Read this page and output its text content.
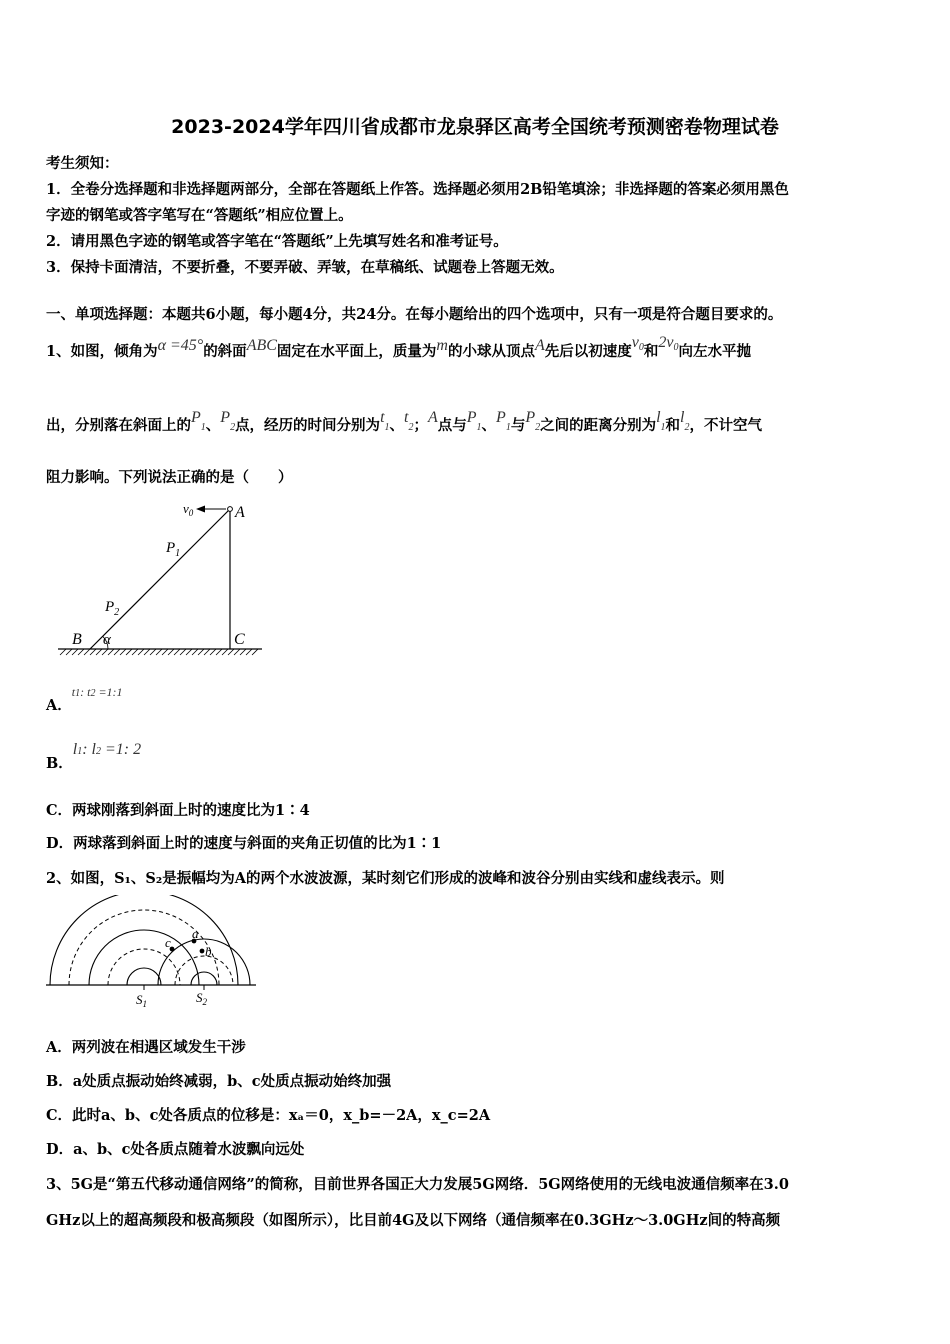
2023-2024学年四川省成都市龙泉驿区高考全国统考预测密卷物理试卷
考生须知：
1．全卷分选择题和非选择题两部分，全部在答题纸上作答。选择题必须用2B铅笔填涂；非选择题的答案必须用黑色
字迹的钢笔或答字笔写在“答题纸”相应位置上。
2．请用黑色字迹的钢笔或答字笔在“答题纸”上先填写姓名和准考证号。
3．保持卡面清洁，不要折叠，不要弄破、弄皱，在草稿纸、试题卷上答题无效。
一、单项选择题：本题共6小题，每小题4分，共24分。在每小题给出的四个选项中，只有一项是符合题目要求的。
1、如图，倾角为α =45°的斜面ABC固定在水平面上，质量为m的小球从顶点A先后以初速度$v^0$和$2v^0$向左水平抛
出，分别落在斜面上的P1、P2点，经历的时间分别为t1、t2；A点与P1、P1与P2之间的距离分别为l1和l2，不计空气
阻力影响。下列说法正确的是（　　）
$v_0$	A
$P_1$
$P_2$
B α	C
A．t1: t2 =1:1
B．l1: l2 =1: 2
C．两球刚落到斜面上时的速度比为1∶4
D．两球落到斜面上时的速度与斜面的夹角正切值的比为1∶1
2、如图，S₁、S₂是振幅均为A的两个水波波源，某时刻它们形成的波峰和波谷分别由实线和虚线表示。则
c
a
b
$S_1$	$S_2$
A．两列波在相遇区域发生干涉
B．a处质点振动始终减弱，b、c处质点振动始终加强
C．此时a、b、c处各质点的位移是：xₐ＝0，x_b=－2A，x_c=2A
D．a、b、c处各质点随着水波飘向远处
3、5G是“第五代移动通信网络”的简称，目前世界各国正大力发展5G网络．5G网络使用的无线电波通信频率在3.0
GHz以上的超高频段和极高频段（如图所示），比目前4G及以下网络（通信频率在0.3GHz～3.0GHz间的特高频
